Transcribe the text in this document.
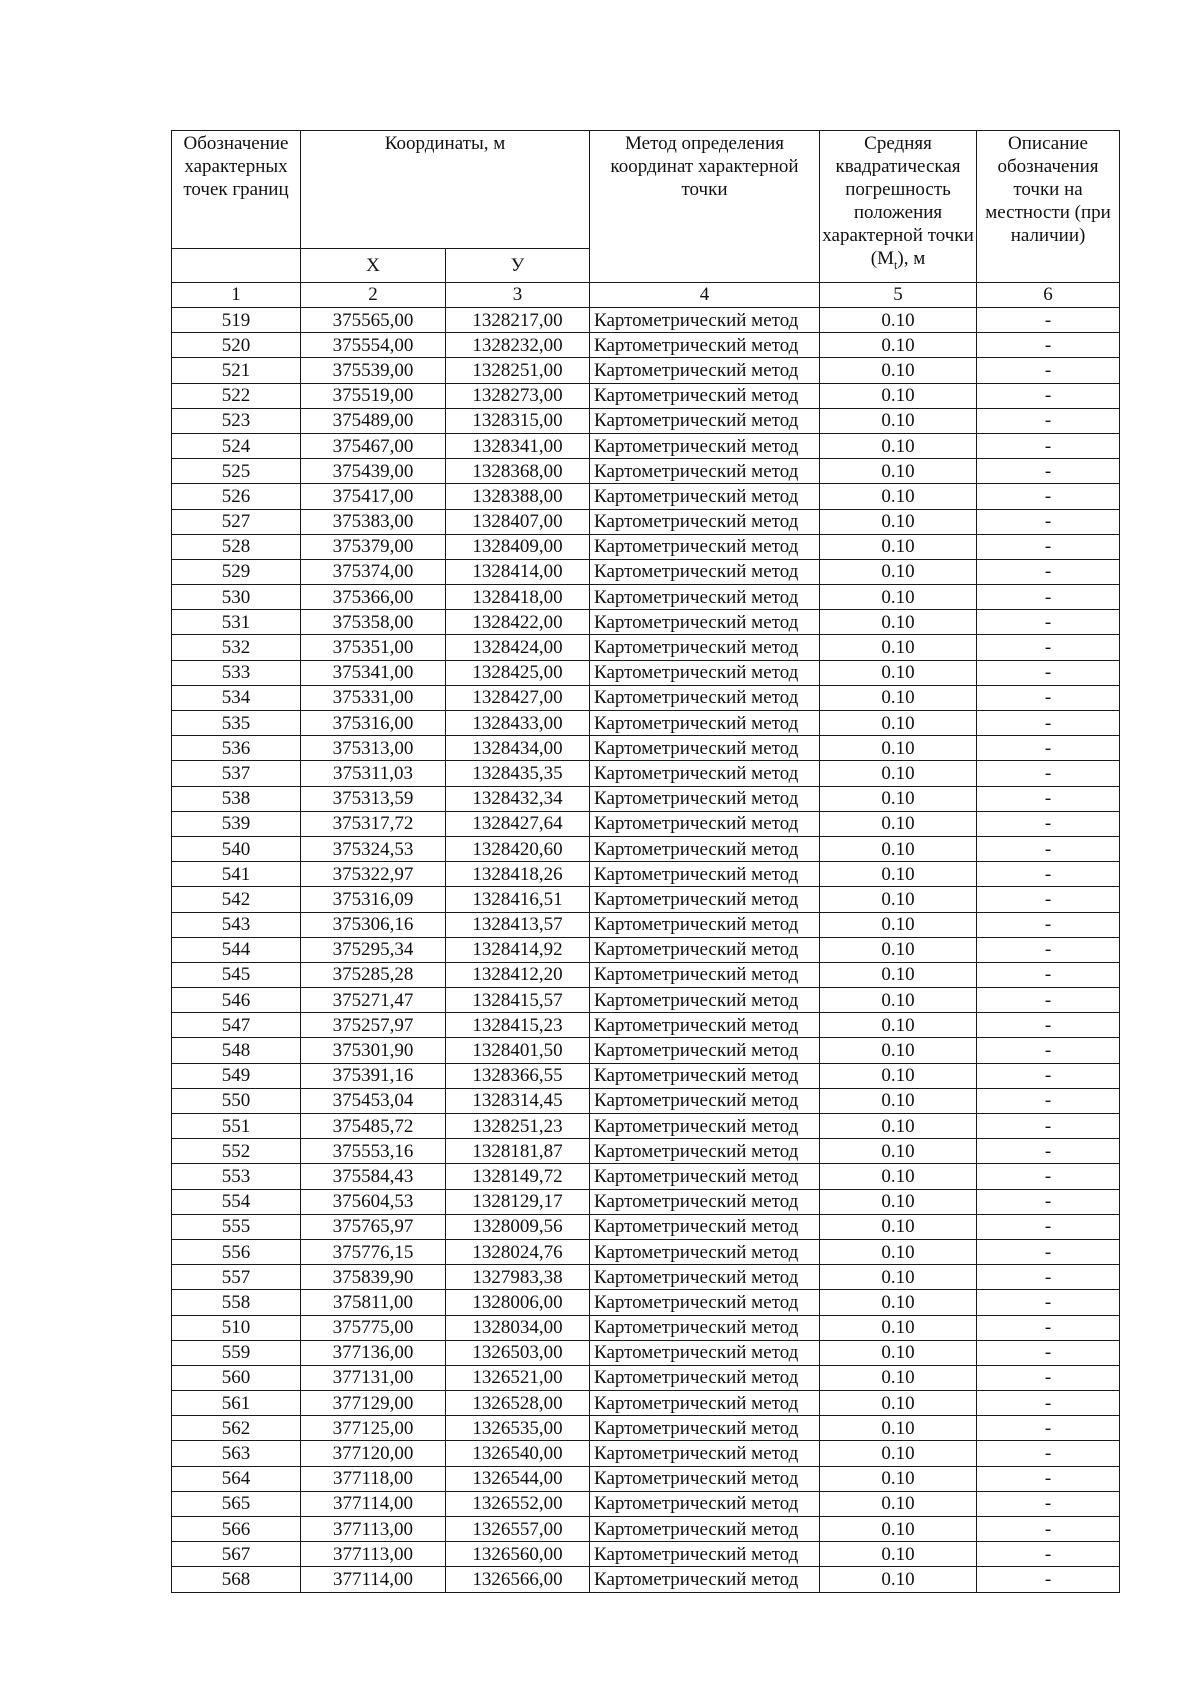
Обозначение характерных точек границ	Координаты, м		Метод определения координат характерной точки	Средняя квадратическая погрешность положения характерной точки $(M_t)$, м	Описание обозначения точки на местности (при наличии)

	X	У			
1	2	3	4	5	6
519	375565,00	1328217,00	Картометрический метод	0.10	-
520	375554,00	1328232,00	Картометрический метод	0.10	-
521	375539,00	1328251,00	Картометрический метод	0.10	-
522	375519,00	1328273,00	Картометрический метод	0.10	-
523	375489,00	1328315,00	Картометрический метод	0.10	-
524	375467,00	1328341,00	Картометрический метод	0.10	-
525	375439,00	1328368,00	Картометрический метод	0.10	-
526	375417,00	1328388,00	Картометрический метод	0.10	-
527	375383,00	1328407,00	Картометрический метод	0.10	-
528	375379,00	1328409,00	Картометрический метод	0.10	-
529	375374,00	1328414,00	Картометрический метод	0.10	-
530	375366,00	1328418,00	Картометрический метод	0.10	-
531	375358,00	1328422,00	Картометрический метод	0.10	-
532	375351,00	1328424,00	Картометрический метод	0.10	-
533	375341,00	1328425,00	Картометрический метод	0.10	-
534	375331,00	1328427,00	Картометрический метод	0.10	-
535	375316,00	1328433,00	Картометрический метод	0.10	-
536	375313,00	1328434,00	Картометрический метод	0.10	-
537	375311,03	1328435,35	Картометрический метод	0.10	-
538	375313,59	1328432,34	Картометрический метод	0.10	-
539	375317,72	1328427,64	Картометрический метод	0.10	-
540	375324,53	1328420,60	Картометрический метод	0.10	-
541	375322,97	1328418,26	Картометрический метод	0.10	-
542	375316,09	1328416,51	Картометрический метод	0.10	-
543	375306,16	1328413,57	Картометрический метод	0.10	-
544	375295,34	1328414,92	Картометрический метод	0.10	-
545	375285,28	1328412,20	Картометрический метод	0.10	-
546	375271,47	1328415,57	Картометрический метод	0.10	-
547	375257,97	1328415,23	Картометрический метод	0.10	-
548	375301,90	1328401,50	Картометрический метод	0.10	-
549	375391,16	1328366,55	Картометрический метод	0.10	-
550	375453,04	1328314,45	Картометрический метод	0.10	-
551	375485,72	1328251,23	Картометрический метод	0.10	-
552	375553,16	1328181,87	Картометрический метод	0.10	-
553	375584,43	1328149,72	Картометрический метод	0.10	-
554	375604,53	1328129,17	Картометрический метод	0.10	-
555	375765,97	1328009,56	Картометрический метод	0.10	-
556	375776,15	1328024,76	Картометрический метод	0.10	-
557	375839,90	1327983,38	Картометрический метод	0.10	-
558	375811,00	1328006,00	Картометрический метод	0.10	-
510	375775,00	1328034,00	Картометрический метод	0.10	-
559	377136,00	1326503,00	Картометрический метод	0.10	-
560	377131,00	1326521,00	Картометрический метод	0.10	-
561	377129,00	1326528,00	Картометрический метод	0.10	-
562	377125,00	1326535,00	Картометрический метод	0.10	-
563	377120,00	1326540,00	Картометрический метод	0.10	-
564	377118,00	1326544,00	Картометрический метод	0.10	-
565	377114,00	1326552,00	Картометрический метод	0.10	-
566	377113,00	1326557,00	Картометрический метод	0.10	-
567	377113,00	1326560,00	Картометрический метод	0.10	-
568	377114,00	1326566,00	Картометрический метод	0.10	-
